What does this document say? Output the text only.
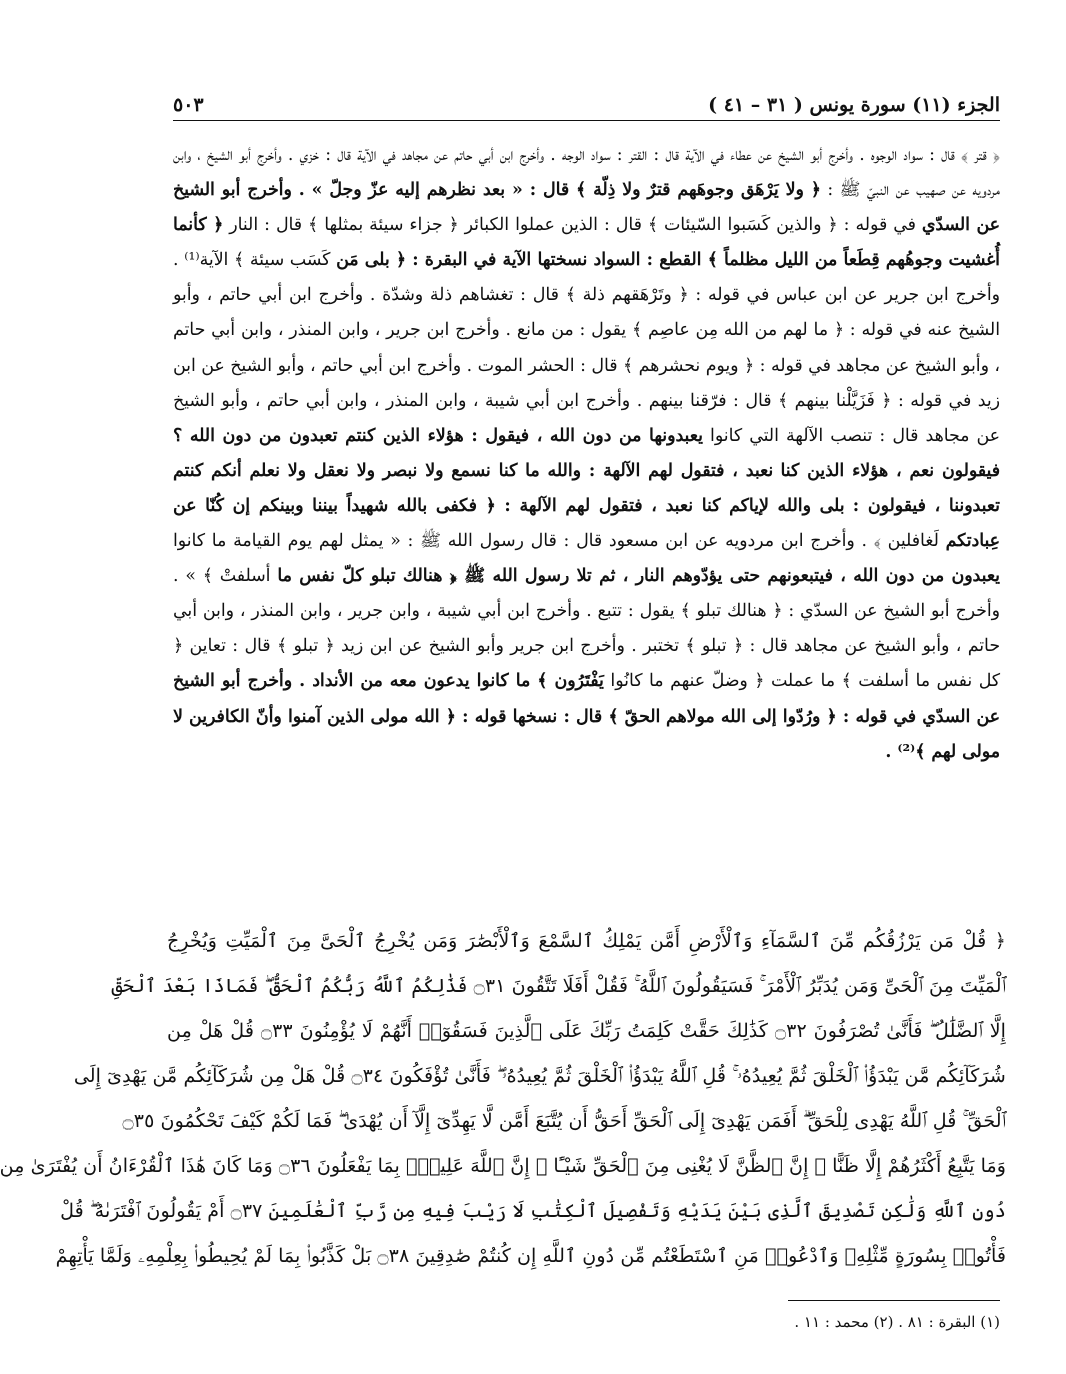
الجزء (١١) سورة يونس ( ٣١ – ٤١ )
٥٠٣

﴿ قتر ﴾ قال : سواد الوجوه . وأخرج أبو الشيخ عن عطاء في الآية قال : القتر : سواد الوجه . وأخرج ابن أبي حاتم عن مجاهد في الآية قال : خزي . وأخرج أبو الشيخ ، وابن مردويه عن صهيب عن النبيّ ﷺ : ﴿ ولا يَرْهَق وجوهَهم قترٌ ولا ذِلّة ﴾ قال : « بعد نظرهم إليه عزّ وجلّ » . وأخرج أبو الشيخ عن السدّي في قوله : ﴿ والذين كَسَبوا السّيئات ﴾ قال : الذين عملوا الكبائر ﴿ جزاء سيئة بمثلها ﴾ قال : النار ﴿ كأنما أُغشيت وجوهُهم قِطَعاً من الليل مظلماً ﴾ القطع : السواد نسختها الآية في البقرة : ﴿ بلى مَن كَسَب سيئة ﴾ الآية⁽¹⁾ . وأخرج ابن جرير عن ابن عباس في قوله : ﴿ وتَرْهَقهم ذلة ﴾ قال : تغشاهم ذلة وشدّة . وأخرج ابن أبي حاتم ، وأبو الشيخ عنه في قوله : ﴿ ما لهم من الله مِن عاصِم ﴾ يقول : من مانع . وأخرج ابن جرير ، وابن المنذر ، وابن أبي حاتم ، وأبو الشيخ عن مجاهد في قوله : ﴿ ويوم نحشرهم ﴾ قال : الحشر الموت . وأخرج ابن أبي حاتم ، وأبو الشيخ عن ابن زيد في قوله : ﴿ فَزَيَّلْنا بينهم ﴾ قال : فرّقنا بينهم . وأخرج ابن أبي شيبة ، وابن المنذر ، وابن أبي حاتم ، وأبو الشيخ عن مجاهد قال : تنصب الآلهة التي كانوا يعبدونها من دون الله ، فيقول : هؤلاء الذين كنتم تعبدون من دون الله ؟ فيقولون نعم ، هؤلاء الذين كنا نعبد ، فتقول لهم الآلهة : والله ما كنا نسمع ولا نبصر ولا نعقل ولا نعلم أنكم كنتم تعبدوننا ، فيقولون : بلى والله لإياكم كنا نعبد ، فتقول لهم الآلهة : ﴿ فكفى بالله شهيداً بيننا وبينكم إن كُنّا عن عِبادتكم لَغافلين ﴾ . وأخرج ابن مردويه عن ابن مسعود قال : قال رسول الله ﷺ : « يمثل لهم يوم القيامة ما كانوا يعبدون من دون الله ، فيتبعونهم حتى يؤدّوهم النار ، ثم تلا رسول الله ﷺ ﴿ هنالك تبلو كلّ نفس ما أسلفتْ ﴾ » . وأخرج أبو الشيخ عن السدّي : ﴿ هنالك تبلو ﴾ يقول : تتبع . وأخرج ابن أبي شيبة ، وابن جرير ، وابن المنذر ، وابن أبي حاتم ، وأبو الشيخ عن مجاهد قال : ﴿ تبلو ﴾ تختبر . وأخرج ابن جرير وأبو الشيخ عن ابن زيد ﴿ تبلو ﴾ قال : تعاين ﴿ كل نفس ما أسلفت ﴾ ما عملت ﴿ وضلّ عنهم ما كانُوا يَفْتَرُون ﴾ ما كانوا يدعون معه من الأنداد . وأخرج أبو الشيخ عن السدّي في قوله : ﴿ ورُدّوا إلى الله مولاهم الحقّ ﴾ قال : نسخها قوله : ﴿ الله مولى الذين آمنوا وأنّ الكافرين لا مولى لهم ﴾⁽²⁾ .

﴿ قُلْ مَن يَرْزُقُكُم مِّنَ ٱلسَّمَآءِ وَٱلْأَرْضِ أَمَّن يَمْلِكُ ٱلسَّمْعَ وَٱلْأَبْصَٰرَ وَمَن يُخْرِجُ ٱلْحَىَّ مِنَ ٱلْمَيِّتِ وَيُخْرِجُ
ٱلْمَيِّتَ مِنَ ٱلْحَىِّ وَمَن يُدَبِّرُ ٱلْأَمْرَ ۚ فَسَيَقُولُونَ ٱللَّهُ ۚ فَقُلْ أَفَلَا تَتَّقُونَ ۝٣١ فَذَٰلِكُمُ ٱللَّهُ رَبُّكُمُ ٱلْحَقُّ ۖ فَمَاذَا بَعْدَ ٱلْحَقِّ
إِلَّا ٱلضَّلَٰلُ ۖ فَأَنَّىٰ تُصْرَفُونَ ۝٣٢ كَذَٰلِكَ حَقَّتْ كَلِمَتُ رَبِّكَ عَلَى ٱلَّذِينَ فَسَقُوٓا۟ أَنَّهُمْ لَا يُؤْمِنُونَ ۝٣٣ قُلْ هَلْ مِن
شُرَكَآئِكُم مَّن يَبْدَؤُا۟ ٱلْخَلْقَ ثُمَّ يُعِيدُهُۥ ۚ قُلِ ٱللَّهُ يَبْدَؤُا۟ ٱلْخَلْقَ ثُمَّ يُعِيدُهُۥ ۖ فَأَنَّىٰ تُؤْفَكُونَ ۝٣٤ قُلْ هَلْ مِن شُرَكَآئِكُم مَّن يَهْدِىٓ إِلَى
ٱلْحَقِّ ۚ قُلِ ٱللَّهُ يَهْدِى لِلْحَقِّ ۗ أَفَمَن يَهْدِىٓ إِلَى ٱلْحَقِّ أَحَقُّ أَن يُتَّبَعَ أَمَّن لَّا يَهِدِّىٓ إِلَّآ أَن يُهْدَىٰ ۖ فَمَا لَكُمْ كَيْفَ تَحْكُمُونَ ۝٣٥
وَمَا يَتَّبِعُ أَكْثَرُهُمْ إِلَّا ظَنًّا ۚ إِنَّ ٱلظَّنَّ لَا يُغْنِى مِنَ ٱلْحَقِّ شَيْـًٔا ۚ إِنَّ ٱللَّهَ عَلِيمٌۢ بِمَا يَفْعَلُونَ ۝٣٦ وَمَا كَانَ هَٰذَا ٱلْقُرْءَانُ أَن يُفْتَرَىٰ مِن
دُونِ ٱللَّهِ وَلَٰكِن تَصْدِيقَ ٱلَّذِى بَيْنَ يَدَيْهِ وَتَفْصِيلَ ٱلْكِتَٰبِ لَا رَيْبَ فِيهِ مِن رَّبِّ ٱلْعَٰلَمِينَ ۝٣٧ أَمْ يَقُولُونَ ٱفْتَرَىٰهُ ۖ قُلْ
فَأْتُوا۟ بِسُورَةٍ مِّثْلِهِۦ وَٱدْعُوا۟ مَنِ ٱسْتَطَعْتُم مِّن دُونِ ٱللَّهِ إِن كُنتُمْ صَٰدِقِينَ ۝٣٨ بَلْ كَذَّبُوا۟ بِمَا لَمْ يُحِيطُوا۟ بِعِلْمِهِۦ وَلَمَّا يَأْتِهِمْ

(١) البقرة : ٨١ . (٢) محمد : ١١ .
